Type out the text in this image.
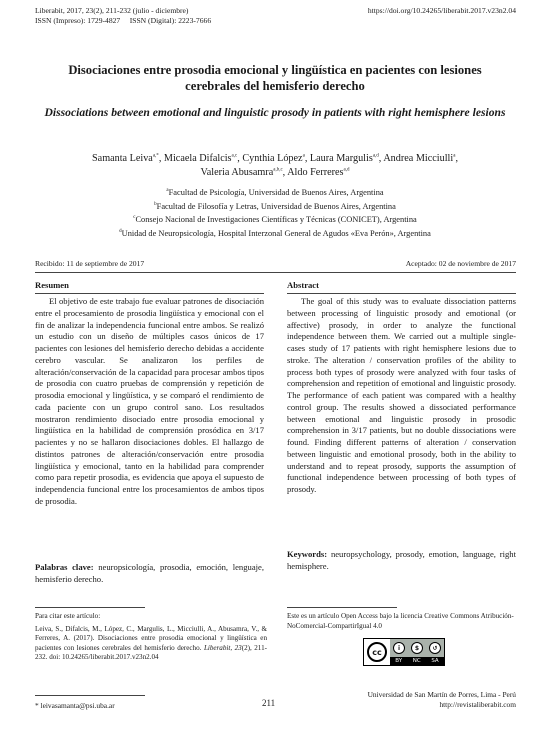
Liberabit, 2017, 23(2), 211-232 (julio - diciembre)
ISSN (Impreso): 1729-4827     ISSN (Digital): 2223-7666
https://doi.org/10.24265/liberabit.2017.v23n2.04
Disociaciones entre prosodia emocional y lingüística en pacientes con lesiones cerebrales del hemisferio derecho
Dissociations between emotional and linguistic prosody in patients with right hemisphere lesions
Samanta Leiva$^{a,*}$, Micaela Difalcis$^{a,c}$, Cynthia López$^a$, Laura Margulis$^{a,d}$, Andrea Micciulli$^a$,
Valeria Abusamra$^{a,b,c}$, Aldo Ferreres$^{a,d}$
$^a$Facultad de Psicología, Universidad de Buenos Aires, Argentina
$^b$Facultad de Filosofía y Letras, Universidad de Buenos Aires, Argentina
$^c$Consejo Nacional de Investigaciones Científicas y Técnicas (CONICET), Argentina
$^d$Unidad de Neuropsicología, Hospital Interzonal General de Agudos «Eva Perón», Argentina
Recibido: 11 de septiembre de 2017	Aceptado: 02 de noviembre de 2017
Resumen

El objetivo de este trabajo fue evaluar patrones de disociación entre el procesamiento de prosodia lingüística y emocional con el fin de analizar la independencia funcional entre ambos. Se realizó un estudio con un diseño de múltiples casos únicos de 17 pacientes con lesiones del hemisferio derecho debidas a accidente cerebro vascular. Se analizaron los perfiles de alteración/conservación de la capacidad para procesar ambos tipos de prosodia con cuatro pruebas de comprensión y repetición de prosodia emocional y lingüística, y se comparó el rendimiento de cada paciente con un grupo control sano. Los resultados mostraron rendimiento disociado entre prosodia emocional y lingüística en la habilidad de comprensión prosódica en 3/17 pacientes y no se hallaron disociaciones dobles. El hallazgo de distintos patrones de alteración/conservación entre prosodia lingüística y emocional, tanto en la habilidad para comprender como para repetir prosodia, es evidencia que apoya el supuesto de independencia funcional entre los procesamientos de ambos tipos de prosodia.

Palabras clave: neuropsicología, prosodia, emoción, lenguaje, hemisferio derecho.
Abstract

The goal of this study was to evaluate dissociation patterns between processing of linguistic prosody and emotional (or affective) prosody, in order to analyze the functional independence between them. We carried out a multiple single-cases study of 17 patients with right hemisphere lesions due to stroke. The alteration / conservation profiles of the ability to process both types of prosody were analyzed with four tasks of comprehension and repetition of emotional and linguistic prosody. The performance of each patient was compared with a healthy control group. The results showed a dissociated performance between emotional and linguistic prosody in prosodic comprehension in 3/17 patients, but no double dissociations were found. Finding different patterns of alteration / conservation between linguistic and emotional prosody, both in the ability to understand and to repeat prosody, supports the assumption of functional independence between processing of both types of prosody.

Keywords: neuropsychology, prosody, emotion, language, right hemisphere.
Para citar este artículo:
Leiva, S., Difalcis, M., López, C., Margulis, L., Micciulli, A., Abusamra, V., & Ferreres, A. (2017). Disociaciones entre prosodia emocional y lingüística en pacientes con lesiones cerebrales del hemisferio derecho. Liberabit, 23(2), 211-232. doi: 10.24265/liberabit.2017.v23n2.04
Este es un artículo Open Access bajo la licencia Creative Commons Atribución-NoComercial-CompartirIgual 4.0
cc	i	$	↺
BY NC SA
* leivasamanta@psi.uba.ar	211
Universidad de San Martín de Porres, Lima - Perú
http://revistaliberabit.com
